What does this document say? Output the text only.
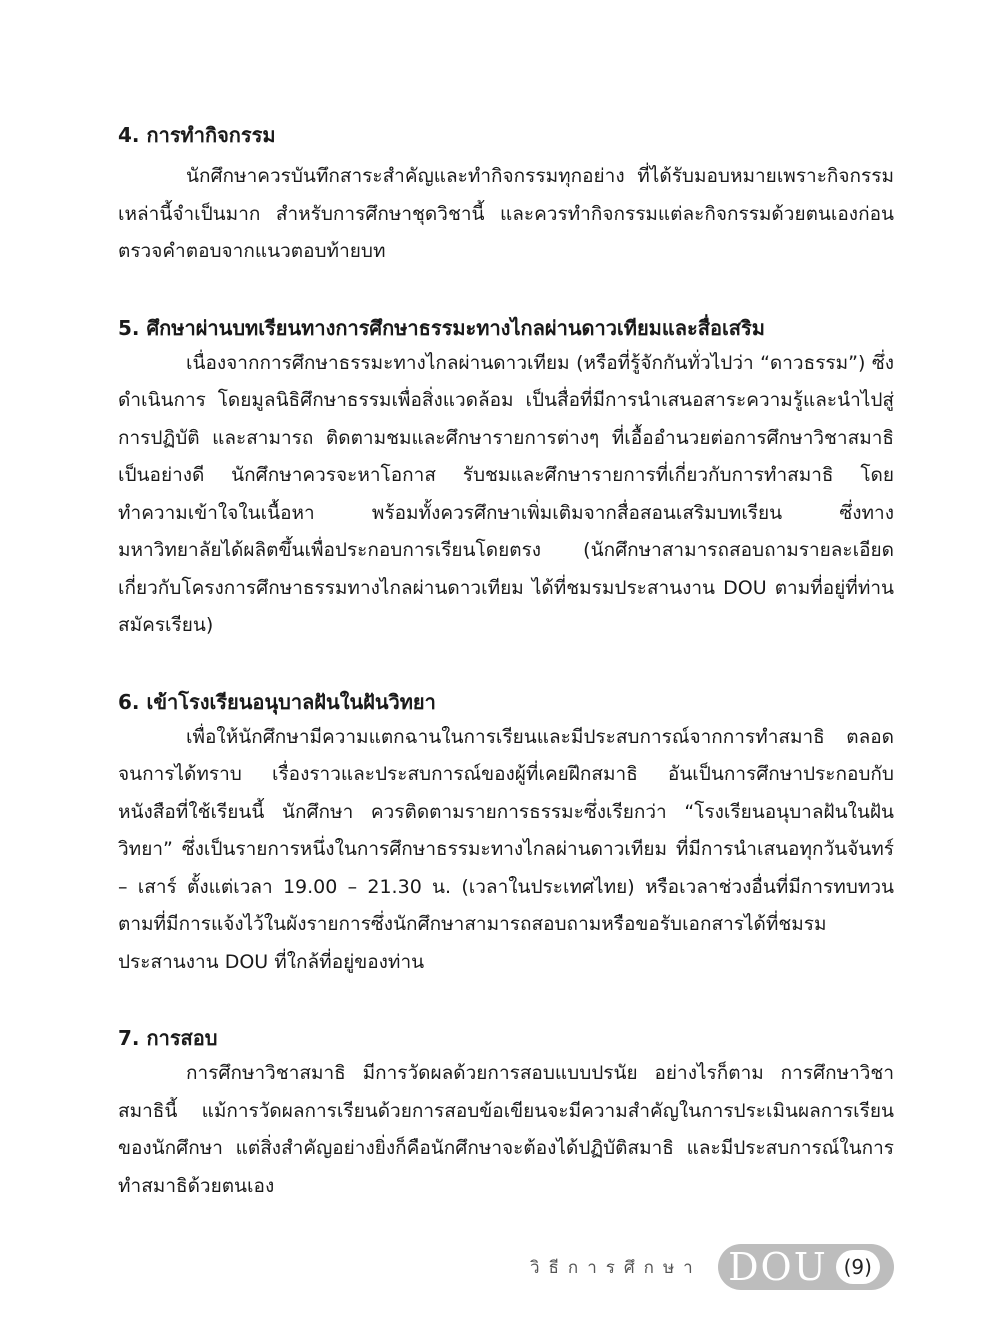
4. การทำกิจกรรม

นักศึกษาควรบันทึกสาระสำคัญและทำกิจกรรมทุกอย่าง ที่ได้รับมอบหมายเพราะกิจกรรมเหล่านี้จำเป็นมาก สำหรับการศึกษาชุดวิชานี้ และควรทำกิจกรรมแต่ละกิจกรรมด้วยตนเองก่อนตรวจคำตอบจากแนวตอบท้ายบท

5. ศึกษาผ่านบทเรียนทางการศึกษาธรรมะทางไกลผ่านดาวเทียมและสื่อเสริม

เนื่องจากการศึกษาธรรมะทางไกลผ่านดาวเทียม (หรือที่รู้จักกันทั่วไปว่า “ดาวธรรม”) ซึ่งดำเนินการ โดยมูลนิธิศึกษาธรรมเพื่อสิ่งแวดล้อม เป็นสื่อที่มีการนำเสนอสาระความรู้และนำไปสู่การปฏิบัติ และสามารถ ติดตามชมและศึกษารายการต่างๆ ที่เอื้ออำนวยต่อการศึกษาวิชาสมาธิเป็นอย่างดี นักศึกษาควรจะหาโอกาส รับชมและศึกษารายการที่เกี่ยวกับการทำสมาธิ โดยทำความเข้าใจในเนื้อหา พร้อมทั้งควรศึกษาเพิ่มเติมจากสื่อสอนเสริมบทเรียน ซึ่งทางมหาวิทยาลัยได้ผลิตขึ้นเพื่อประกอบการเรียนโดยตรง (นักศึกษาสามารถสอบถามรายละเอียดเกี่ยวกับโครงการศึกษาธรรมทางไกลผ่านดาวเทียม ได้ที่ชมรมประสานงาน DOU ตามที่อยู่ที่ท่านสมัครเรียน)

6. เข้าโรงเรียนอนุบาลฝันในฝันวิทยา

เพื่อให้นักศึกษามีความแตกฉานในการเรียนและมีประสบการณ์จากการทำสมาธิ ตลอดจนการได้ทราบ เรื่องราวและประสบการณ์ของผู้ที่เคยฝึกสมาธิ อันเป็นการศึกษาประกอบกับหนังสือที่ใช้เรียนนี้ นักศึกษา ควรติดตามรายการธรรมะซึ่งเรียกว่า “โรงเรียนอนุบาลฝันในฝันวิทยา” ซึ่งเป็นรายการหนึ่งในการศึกษาธรรมะทางไกลผ่านดาวเทียม ที่มีการนำเสนอทุกวันจันทร์ – เสาร์ ตั้งแต่เวลา 19.00 – 21.30 น. (เวลาในประเทศไทย) หรือเวลาช่วงอื่นที่มีการทบทวน ตามที่มีการแจ้งไว้ในผังรายการซึ่งนักศึกษาสามารถสอบถามหรือขอรับเอกสารได้ที่ชมรมประสานงาน DOU ที่ใกล้ที่อยู่ของท่าน

7. การสอบ

การศึกษาวิชาสมาธิ มีการวัดผลด้วยการสอบแบบปรนัย อย่างไรก็ตาม การศึกษาวิชาสมาธินี้ แม้การวัดผลการเรียนด้วยการสอบข้อเขียนจะมีความสำคัญในการประเมินผลการเรียนของนักศึกษา แต่สิ่งสำคัญอย่างยิ่งก็คือนักศึกษาจะต้องได้ปฏิบัติสมาธิ และมีประสบการณ์ในการทำสมาธิด้วยตนเอง

วิธีการศึกษา DOU (9)
